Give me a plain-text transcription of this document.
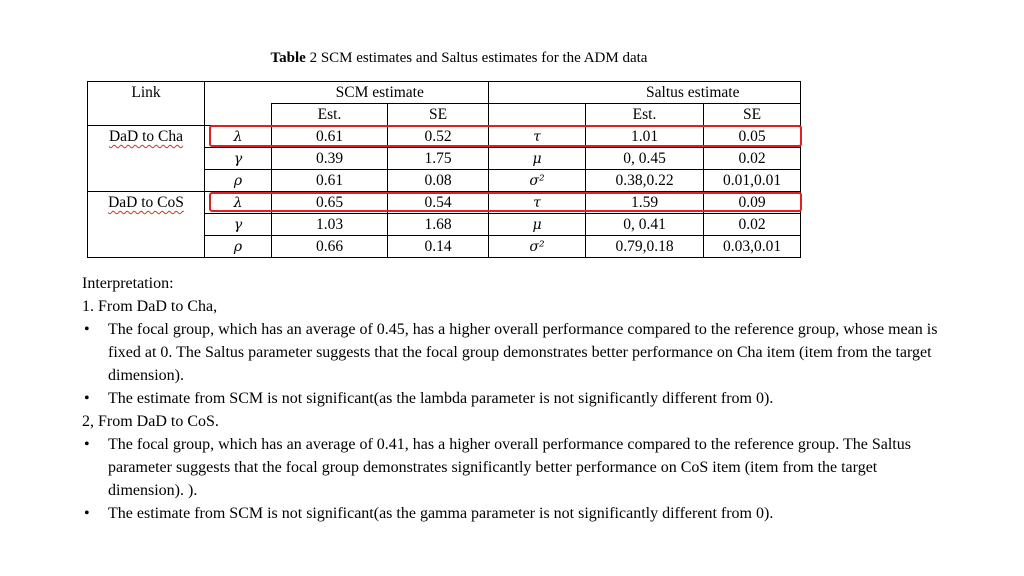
Table 2 SCM estimates and Saltus estimates for the ADM data
Link		SCM estimate			Saltus estimate	
		Est.	SE		Est.	SE
DaD to Cha	λ	0.61	0.52	τ	1.01	0.05
	γ	0.39	1.75	μ	0, 0.45	0.02
	ρ	0.61	0.08	σ²	0.38,0.22	0.01,0.01
DaD to CoS	λ	0.65	0.54	τ	1.59	0.09
	γ	1.03	1.68	μ	0, 0.41	0.02
	ρ	0.66	0.14	σ²	0.79,0.18	0.03,0.01

Interpretation:

1. From DaD to Cha,

•	The focal group, which has an average of 0.45, has a higher overall performance compared to the reference group, whose mean is fixed at 0. The Saltus parameter suggests that the focal group demonstrates better performance on Cha item (item from the target dimension).
•	The estimate from SCM is not significant(as the lambda parameter is not significantly different from 0).

2, From DaD to CoS.

•	The focal group, which has an average of 0.41, has a higher overall performance compared to the reference group. The Saltus parameter suggests that the focal group demonstrates significantly better performance on CoS item (item from the target dimension). ).
•	The estimate from SCM is not significant(as the gamma parameter is not significantly different from 0).
